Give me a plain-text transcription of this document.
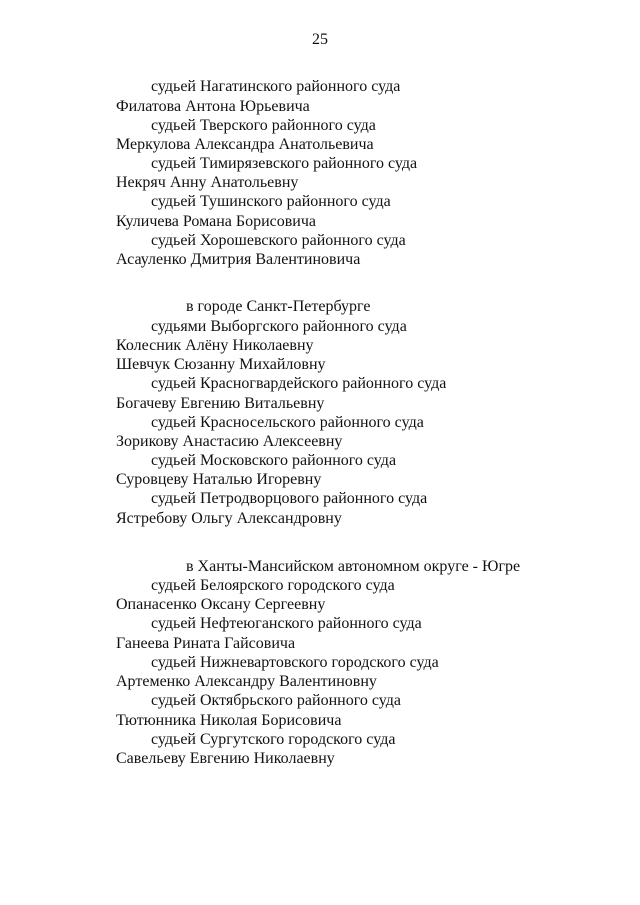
25
судьей Нагатинского районного суда
Филатова Антона Юрьевича
судьей Тверского районного суда
Меркулова Александра Анатольевича
судьей Тимирязевского районного суда
Некряч Анну Анатольевну
судьей Тушинского районного суда
Куличева Романа Борисовича
судьей Хорошевского районного суда
Асауленко Дмитрия Валентиновича
в городе Санкт-Петербурге
судьями Выборгского районного суда
Колесник Алёну Николаевну
Шевчук Сюзанну Михайловну
судьей Красногвардейского районного суда
Богачеву Евгению Витальевну
судьей Красносельского районного суда
Зорикову Анастасию Алексеевну
судьей Московского районного суда
Суровцеву Наталью Игоревну
судьей Петродворцового районного суда
Ястребову Ольгу Александровну
в Ханты-Мансийском автономном округе - Югре
судьей Белоярского городского суда
Опанасенко Оксану Сергеевну
судьей Нефтеюганского районного суда
Ганеева Рината Гайсовича
судьей Нижневартовского городского суда
Артеменко Александру Валентиновну
судьей Октябрьского районного суда
Тютюнника Николая Борисовича
судьей Сургутского городского суда
Савельеву Евгению Николаевну
